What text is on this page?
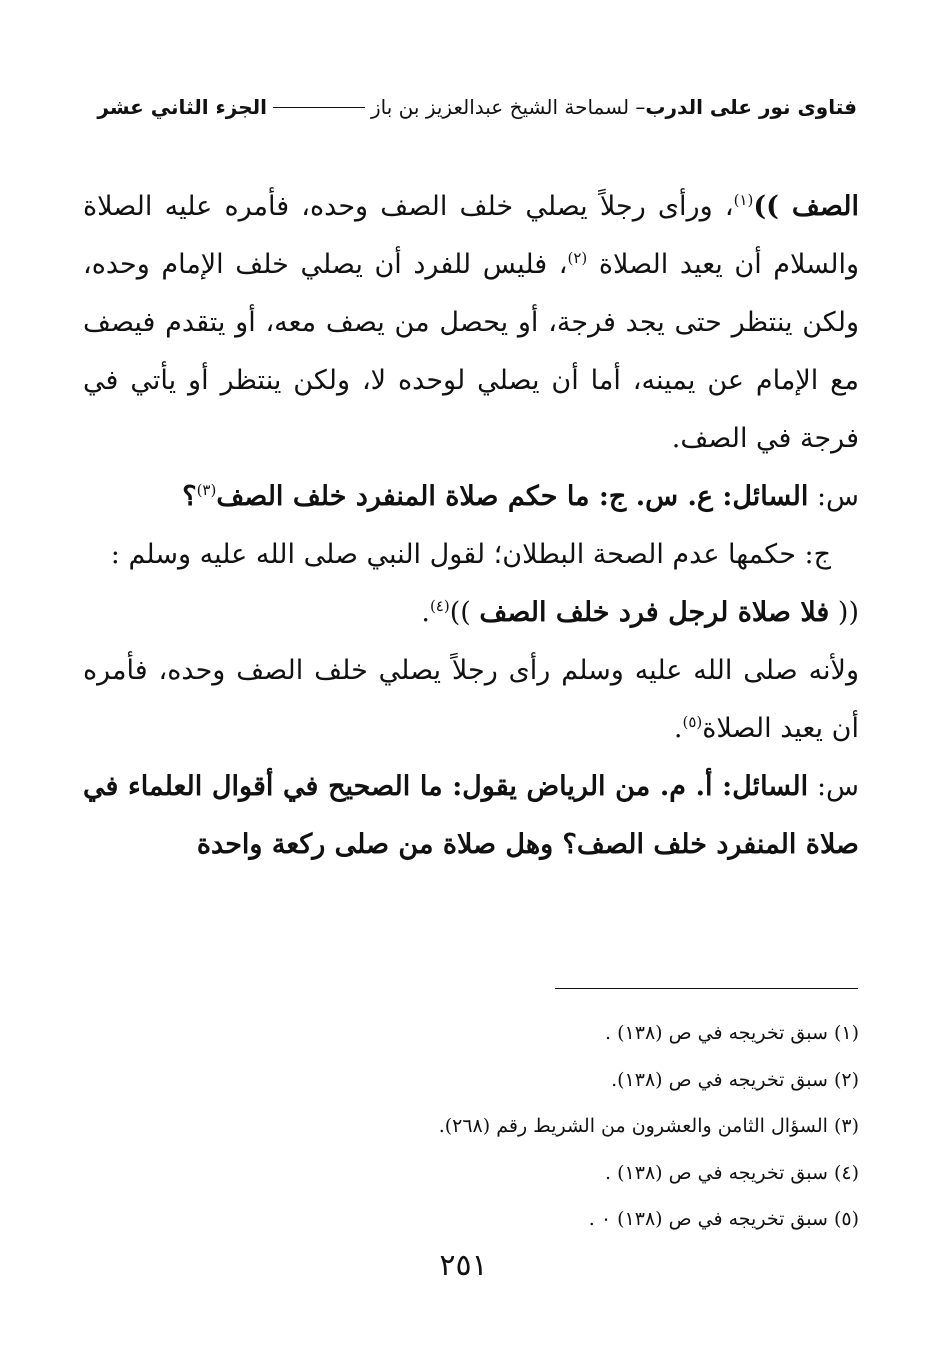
فتاوى نور على الدرب
– لسماحة الشيخ عبدالعزيز بن باز
الجزء الثاني عشر

الصف ))$^{(١)}$، ورأى رجلاً يصلي خلف الصف وحده، فأمره عليه الصلاة والسلام أن يعيد الصلاة $^{(٢)}$، فليس للفرد أن يصلي خلف الإمام وحده، ولكن ينتظر حتى يجد فرجة، أو يحصل من يصف معه، أو يتقدم فيصف مع الإمام عن يمينه، أما أن يصلي لوحده لا، ولكن ينتظر أو يأتي في فرجة في الصف.

س: السائل: ع. س. ج: ما حكم صلاة المنفرد خلف الصف$^{(٣)}$؟

ج: حكمها عدم الصحة البطلان؛ لقول النبي صلى الله عليه وسلم :

(( فلا صلاة لرجل فرد خلف الصف ))$^{(٤)}$.

ولأنه صلى الله عليه وسلم رأى رجلاً يصلي خلف الصف وحده، فأمره أن يعيد الصلاة$^{(٥)}$.

س: السائل: أ. م. من الرياض يقول: ما الصحيح في أقوال العلماء في صلاة المنفرد خلف الصف؟ وهل صلاة من صلى ركعة واحدة

(١) سبق تخريجه في ص (١٣٨) .
(٢) سبق تخريجه في ص (١٣٨).
(٣) السؤال الثامن والعشرون من الشريط رقم (٢٦٨).
(٤) سبق تخريجه في ص (١٣٨) .
(٥) سبق تخريجه في ص (١٣٨) ٠ .
٢٥١
